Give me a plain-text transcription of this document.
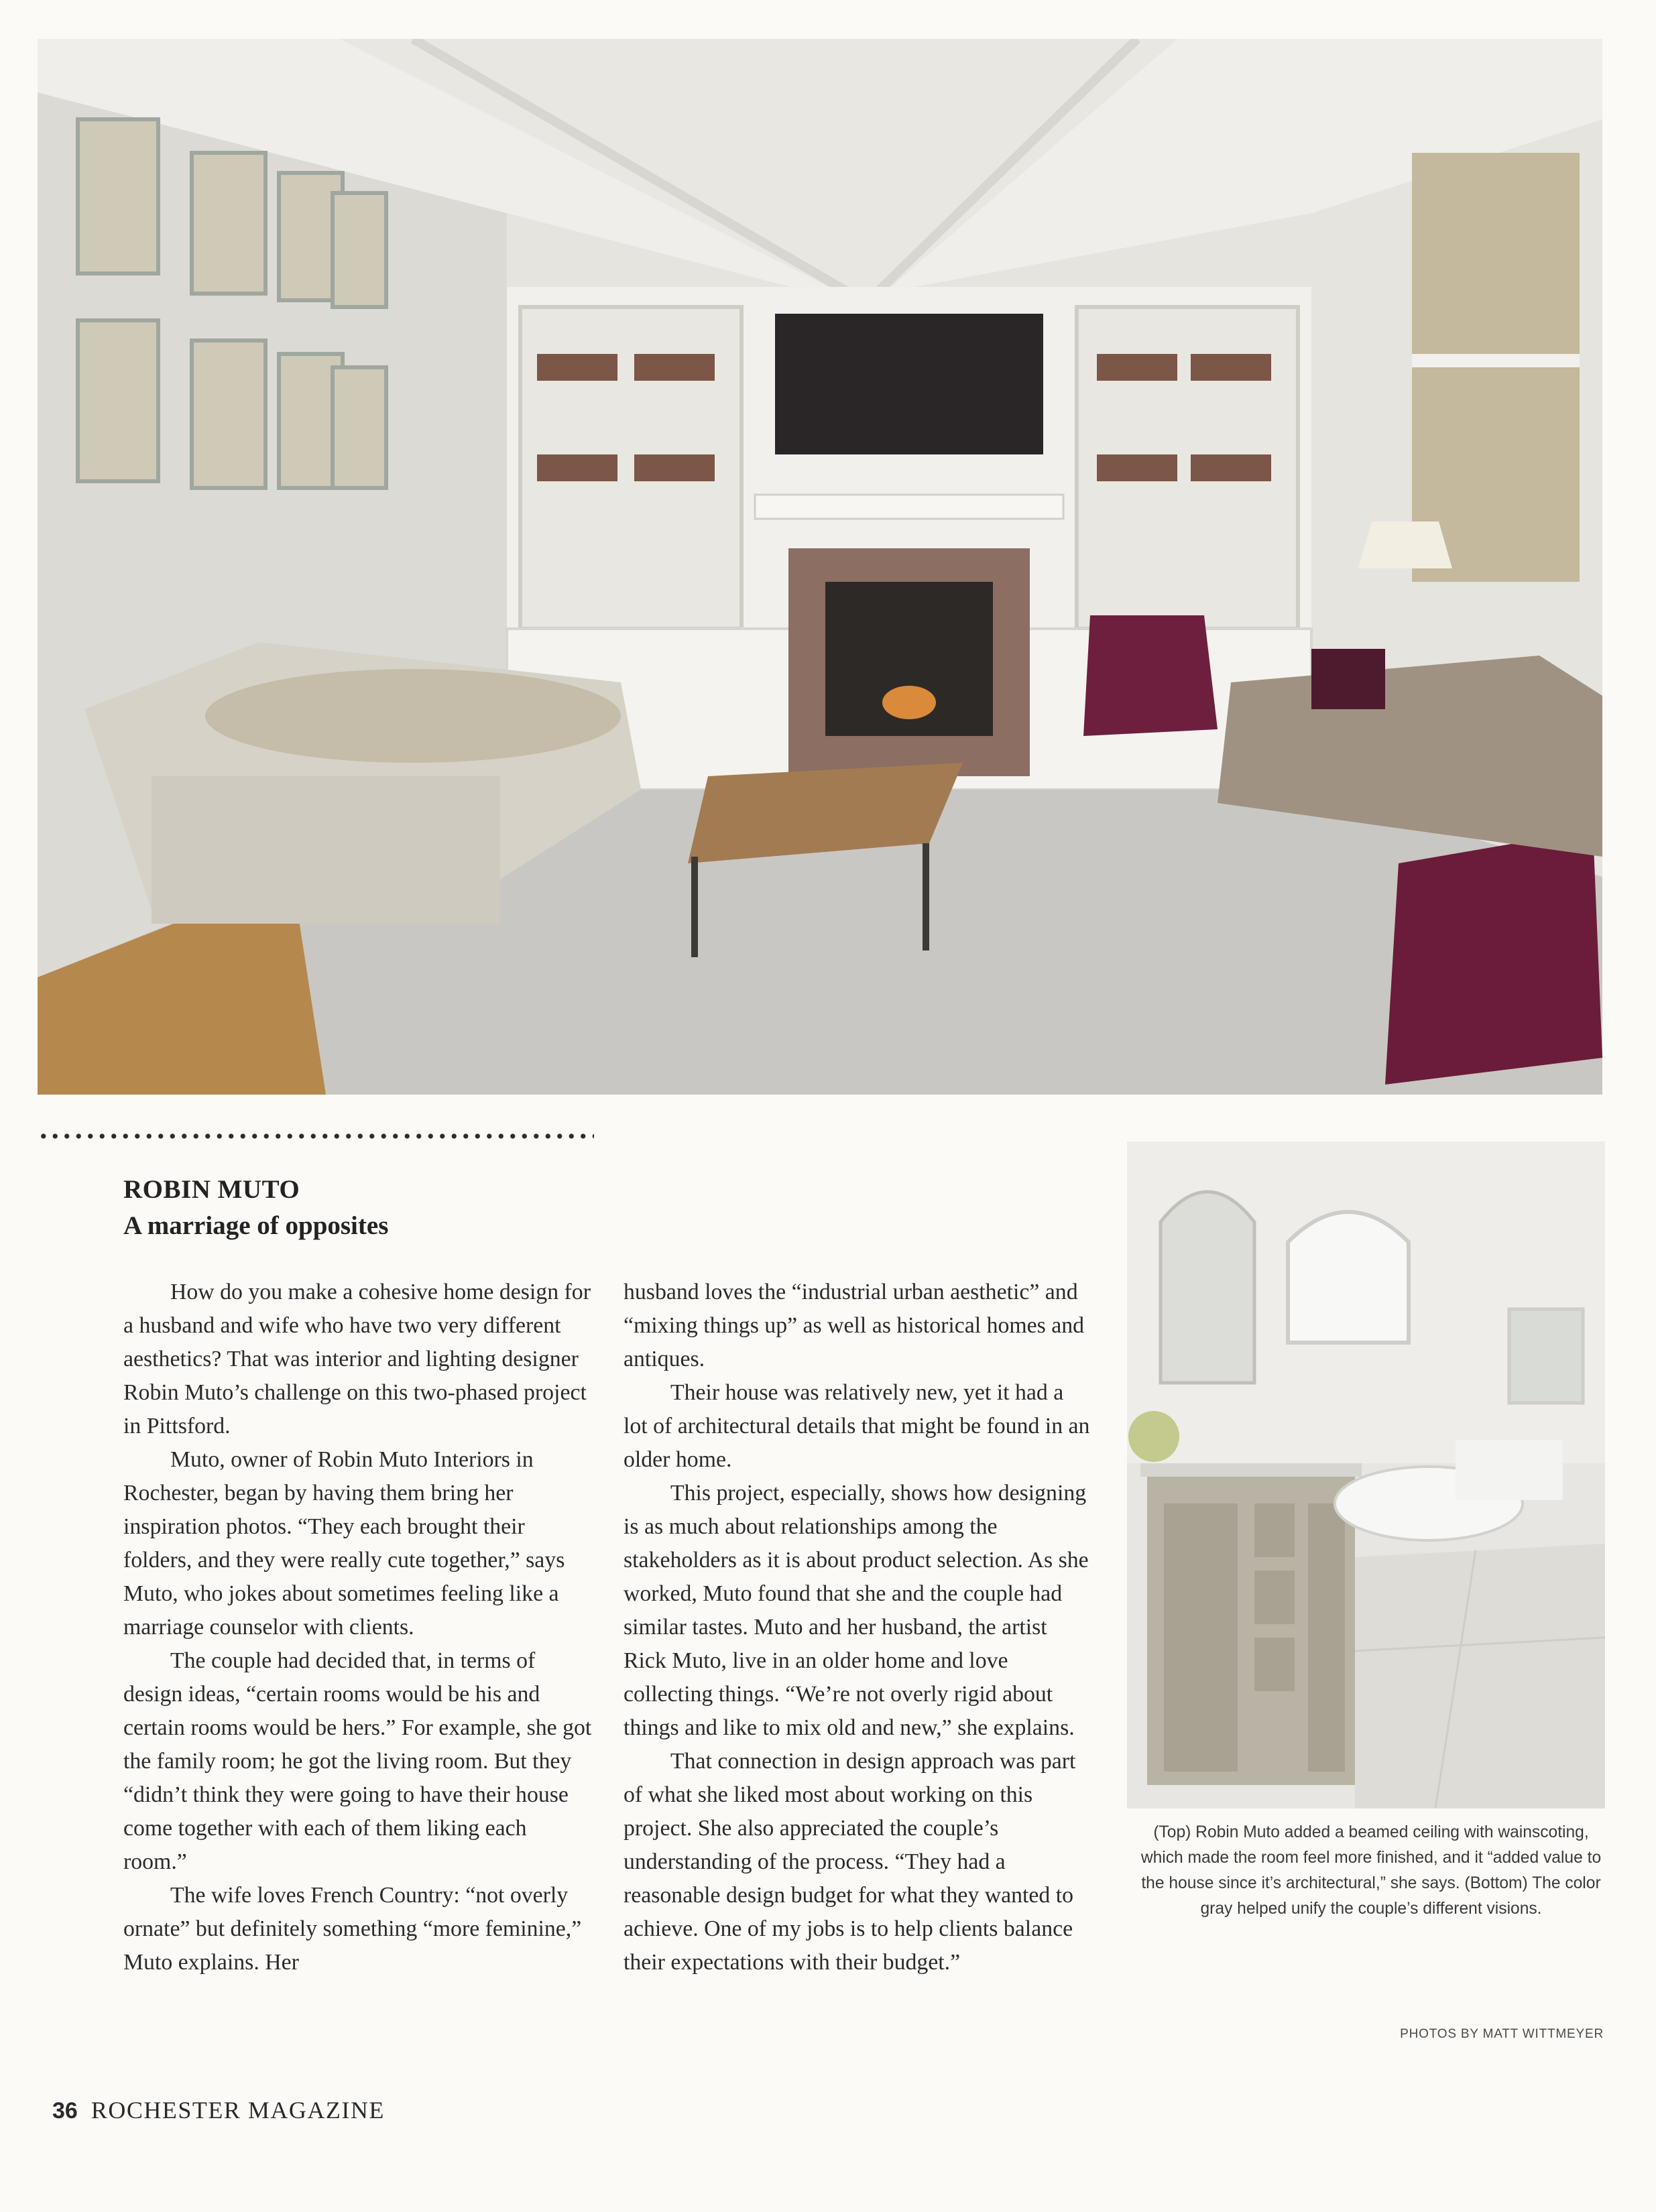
ROBIN MUTO
A marriage of opposites

How do you make a cohesive home design for a husband and wife who have two very different aesthetics? That was interior and lighting designer Robin Muto’s challenge on this two-phased project in Pittsford.

Muto, owner of Robin Muto Interiors in Rochester, began by having them bring her inspiration photos. “They each brought their folders, and they were really cute together,” says Muto, who jokes about sometimes feeling like a marriage counselor with clients.

The couple had decided that, in terms of design ideas, “certain rooms would be his and certain rooms would be hers.” For example, she got the family room; he got the living room. But they “didn’t think they were going to have their house come together with each of them liking each room.”

The wife loves French Country: “not overly ornate” but definitely something “more feminine,” Muto explains. Her

husband loves the “industrial urban aesthetic” and “mixing things up” as well as historical homes and antiques.

Their house was relatively new, yet it had a lot of architectural details that might be found in an older home.

This project, especially, shows how designing is as much about relationships among the stakeholders as it is about product selection. As she worked, Muto found that she and the couple had similar tastes. Muto and her husband, the artist Rick Muto, live in an older home and love collecting things. “We’re not overly rigid about things and like to mix old and new,” she explains.

That connection in design approach was part of what she liked most about working on this project. She also appreciated the couple’s understanding of the process. “They had a reasonable design budget for what they wanted to achieve. One of my jobs is to help clients balance their expectations with their budget.”

(Top) Robin Muto added a beamed ceiling with wainscoting, which made the room feel more finished, and it “added value to the house since it’s architectural,” she says. (Bottom) The color gray helped unify the couple’s different visions.
PHOTOS BY MATT WITTMEYER
36 ROCHESTER MAGAZINE
